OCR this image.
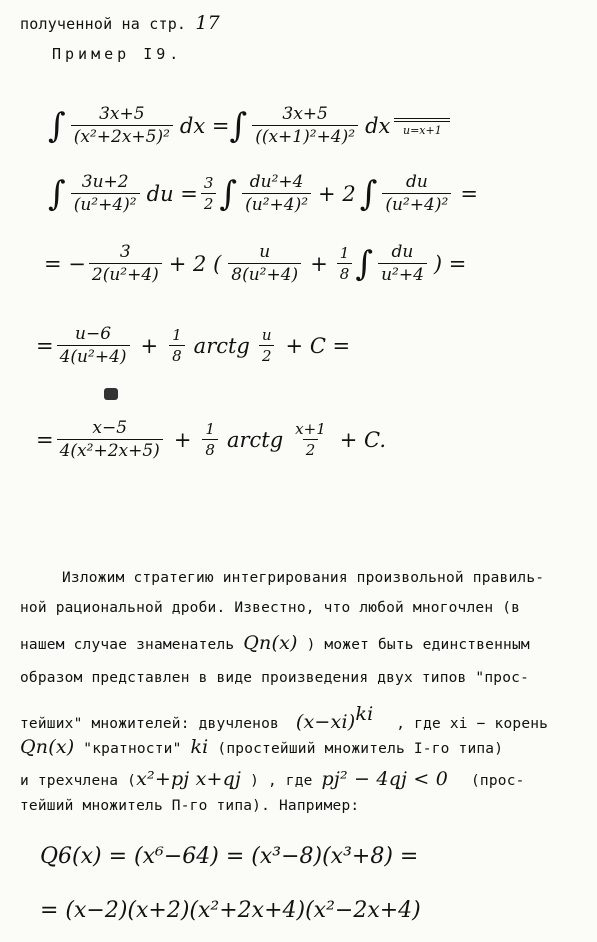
полученной на стр. 17
Пример I9.
∫ $\frac{3x+5}{\text{(x²+2x+5)²}}$ dx = ∫ $\frac{3x+5}{\text{((x+1)²+4)²}}$ dx u=x+1
∫ $\frac{3u+2}{\text{(u²+4)²}}$ du = $\frac{3}{2}$ ∫ $\frac{\text{du²+4}}{\text{(u²+4)²}} + 2$ ∫ $\frac{du}{\text{(u²+4)²}}$ =
= − $\frac{3}{\text{2(u²+4)}} + 2$ ( $\frac{u}{\text{8(u²+4)}} + \frac{1}{8}$ ∫ $\frac{du}{\text{u²+4}}$ ) =
= $\frac{u-6}{\text{4(u²+4)}} + \frac{1}{8}$ arctg $\frac{u}{2} + C$ =
= $\frac{x-5}{\text{4(x²+2x+5)}} + \frac{1}{8}$ arctg $\frac{x+1}{2} + C$.
Изложим стратегию интегрирования произвольной правиль-
ной рациональной дроби. Известно, что любой многочлен (в
нашем случае знаменатель Qn(x) ) может быть единственным
образом представлен в виде произведения двух типов "прос-
тейших" множителей: двучленов (x−xi)ki , где xi − корень
Qn(x) "кратности" ki (простейший множитель I-го типа)
и трехчлена (x²+pj x+qj ) , где pj² − 4qj < 0 (прос-
тейший множитель П-го типа). Например:
Q6(x) = (x⁶−64) = (x³−8)(x³+8) =
= (x−2)(x+2)(x²+2x+4)(x²−2x+4)
